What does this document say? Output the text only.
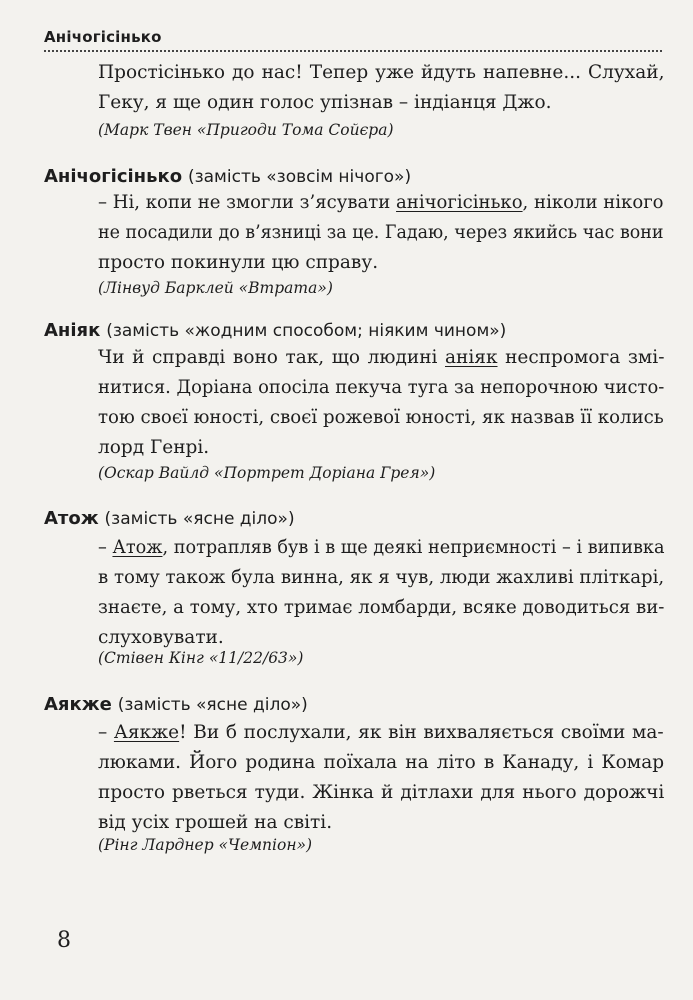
Анічогісінько
Простісінько до нас! Тепер уже йдуть напевне... Слухай,
Геку, я ще один голос упізнав – індіанця Джо.
(Марк Твен «Пригоди Тома Сойєра)
Анічогісінько (замість «зовсім нічого»)
– Ні, копи не змогли з’ясувати анічогісінько, ніколи нікого
не посадили до в’язниці за це. Гадаю, через якийсь час вони
просто покинули цю справу.
(Лінвуд Барклей «Втрата»)
Аніяк (замість «жодним способом; ніяким чином»)
Чи й справді воно так, що людині аніяк неспромога змі-
нитися. Доріана опосіла пекуча туга за непорочною чисто-
тою своєї юності, своєї рожевої юності, як назвав її колись
лорд Генрі.
(Оскар Вайлд «Портрет Доріана Грея»)
Атож (замість «ясне діло»)
– Атож, потрапляв був і в ще деякі неприємності – і випивка
в тому також була винна, як я чув, люди жахливі пліткарі,
знаєте, а тому, хто тримає ломбарди, всяке доводиться ви-
слуховувати.
(Стівен Кінг «11/22/63»)
Аякже (замість «ясне діло»)
– Аякже! Ви б послухали, як він вихваляється своїми ма-
люками. Його родина поїхала на літо в Канаду, і Комар
просто рветься туди. Жінка й дітлахи для нього дорожчі
від усіх грошей на світі.
(Рінг Ларднер «Чемпіон»)
8
